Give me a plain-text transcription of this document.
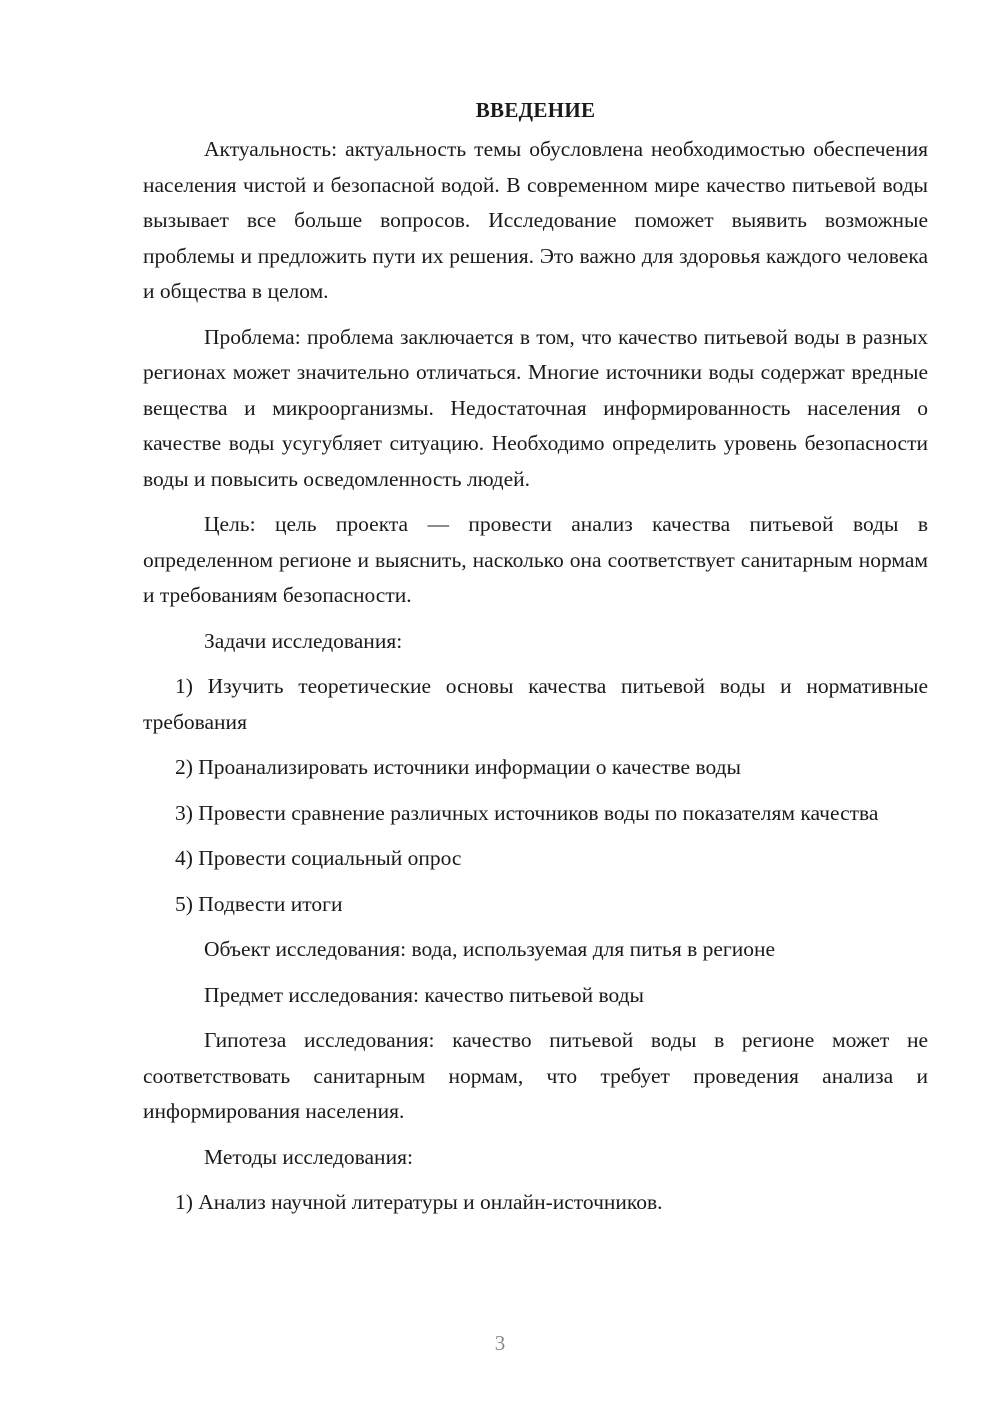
ВВЕДЕНИЕ

Актуальность: актуальность темы обусловлена необходимостью обеспечения населения чистой и безопасной водой. В современном мире качество питьевой воды вызывает все больше вопросов. Исследование поможет выявить возможные проблемы и предложить пути их решения. Это важно для здоровья каждого человека и общества в целом.

Проблема: проблема заключается в том, что качество питьевой воды в разных регионах может значительно отличаться. Многие источники воды содержат вредные вещества и микроорганизмы. Недостаточная информированность населения о качестве воды усугубляет ситуацию. Необходимо определить уровень безопасности воды и повысить осведомленность людей.

Цель: цель проекта — провести анализ качества питьевой воды в определенном регионе и выяснить, насколько она соответствует санитарным нормам и требованиям безопасности.

Задачи исследования:

1) Изучить теоретические основы качества питьевой воды и нормативные требования

2) Проанализировать источники информации о качестве воды

3) Провести сравнение различных источников воды по показателям качества

4) Провести социальный опрос

5) Подвести итоги

Объект исследования: вода, используемая для питья в регионе

Предмет исследования: качество питьевой воды

Гипотеза исследования: качество питьевой воды в регионе может не соответствовать санитарным нормам, что требует проведения анализа и информирования населения.

Методы исследования:

1) Анализ научной литературы и онлайн-источников.

3
